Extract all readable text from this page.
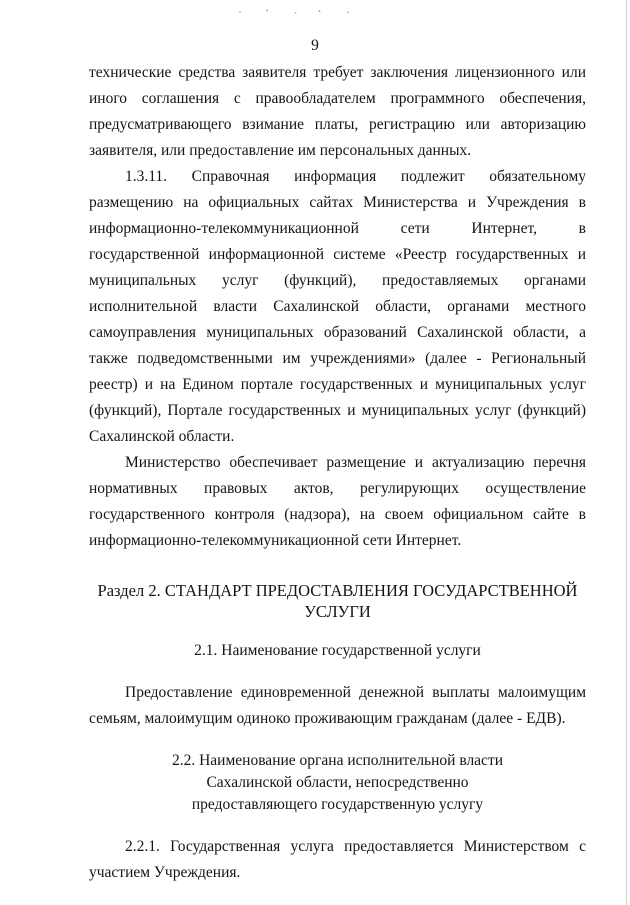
9

технические средства заявителя требует заключения лицензионного или иного соглашения с правообладателем программного обеспечения, предусматривающего взимание платы, регистрацию или авторизацию заявителя, или предоставление им персональных данных.

1.3.11. Справочная информация подлежит обязательному размещению на официальных сайтах Министерства и Учреждения в информационно-телекоммуникационной сети Интернет, в государственной информационной системе «Реестр государственных и муниципальных услуг (функций), предоставляемых органами исполнительной власти Сахалинской области, органами местного самоуправления муниципальных образований Сахалинской области, а также подведомственными им учреждениями» (далее - Региональный реестр) и на Едином портале государственных и муниципальных услуг (функций), Портале государственных и муниципальных услуг (функций) Сахалинской области.

Министерство обеспечивает размещение и актуализацию перечня нормативных правовых актов, регулирующих осуществление государственного контроля (надзора), на своем официальном сайте в информационно-телекоммуникационной сети Интернет.

Раздел 2. СТАНДАРТ ПРЕДОСТАВЛЕНИЯ ГОСУДАРСТВЕННОЙ

УСЛУГИ

2.1. Наименование государственной услуги

Предоставление единовременной денежной выплаты малоимущим семьям, малоимущим одиноко проживающим гражданам (далее - ЕДВ).

2.2. Наименование органа исполнительной власти

Сахалинской области, непосредственно

предоставляющего государственную услугу

2.2.1. Государственная услуга предоставляется Министерством с участием Учреждения.
